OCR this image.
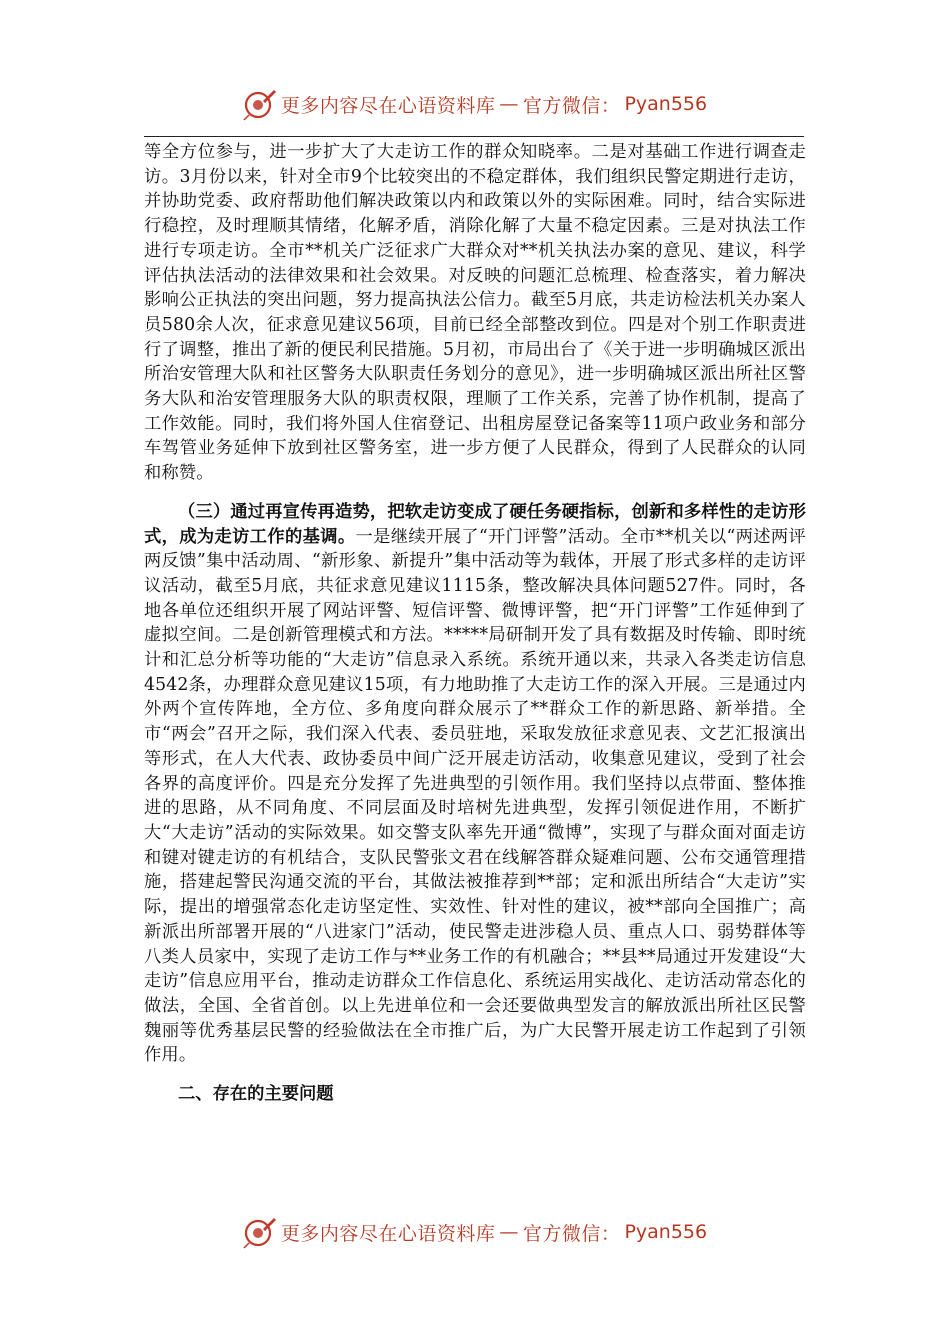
更多内容尽在心语资料库 — 官方微信： Pyan556

等全方位参与，进一步扩大了大走访工作的群众知晓率。二是对基础工作进行调查走访。3月份以来，针对全市9个比较突出的不稳定群体，我们组织民警定期进行走访，并协助党委、政府帮助他们解决政策以内和政策以外的实际困难。同时，结合实际进行稳控，及时理顺其情绪，化解矛盾，消除化解了大量不稳定因素。三是对执法工作进行专项走访。全市**机关广泛征求广大群众对**机关执法办案的意见、建议，科学评估执法活动的法律效果和社会效果。对反映的问题汇总梳理、检查落实，着力解决影响公正执法的突出问题，努力提高执法公信力。截至5月底，共走访检法机关办案人员580余人次，征求意见建议56项，目前已经全部整改到位。四是对个别工作职责进行了调整，推出了新的便民利民措施。5月初，市局出台了《关于进一步明确城区派出所治安管理大队和社区警务大队职责任务划分的意见》，进一步明确城区派出所社区警务大队和治安管理服务大队的职责权限，理顺了工作关系，完善了协作机制，提高了工作效能。同时，我们将外国人住宿登记、出租房屋登记备案等11项户政业务和部分车驾管业务延伸下放到社区警务室，进一步方便了人民群众，得到了人民群众的认同和称赞。

（三）通过再宣传再造势，把软走访变成了硬任务硬指标，创新和多样性的走访形式，成为走访工作的基调。一是继续开展了“开门评警”活动。全市**机关以“两述两评两反馈”集中活动周、“新形象、新提升”集中活动等为载体，开展了形式多样的走访评议活动，截至5月底，共征求意见建议1115条，整改解决具体问题527件。同时，各地各单位还组织开展了网站评警、短信评警、微博评警，把“开门评警”工作延伸到了虚拟空间。二是创新管理模式和方法。*****局研制开发了具有数据及时传输、即时统计和汇总分析等功能的“大走访”信息录入系统。系统开通以来，共录入各类走访信息4542条，办理群众意见建议15项，有力地助推了大走访工作的深入开展。三是通过内外两个宣传阵地，全方位、多角度向群众展示了**群众工作的新思路、新举措。全市“两会”召开之际，我们深入代表、委员驻地，采取发放征求意见表、文艺汇报演出等形式，在人大代表、政协委员中间广泛开展走访活动，收集意见建议，受到了社会各界的高度评价。四是充分发挥了先进典型的引领作用。我们坚持以点带面、整体推进的思路，从不同角度、不同层面及时培树先进典型，发挥引领促进作用，不断扩大“大走访”活动的实际效果。如交警支队率先开通“微博”，实现了与群众面对面走访和键对键走访的有机结合，支队民警张文君在线解答群众疑难问题、公布交通管理措施，搭建起警民沟通交流的平台，其做法被推荐到**部；定和派出所结合“大走访”实际，提出的增强常态化走访坚定性、实效性、针对性的建议，被**部向全国推广；高新派出所部署开展的“八进家门”活动，使民警走进涉稳人员、重点人口、弱势群体等八类人员家中，实现了走访工作与**业务工作的有机融合；**县**局通过开发建设“大走访”信息应用平台，推动走访群众工作信息化、系统运用实战化、走访活动常态化的做法，全国、全省首创。以上先进单位和一会还要做典型发言的解放派出所社区民警魏丽等优秀基层民警的经验做法在全市推广后，为广大民警开展走访工作起到了引领作用。

二、存在的主要问题

更多内容尽在心语资料库 — 官方微信： Pyan556
